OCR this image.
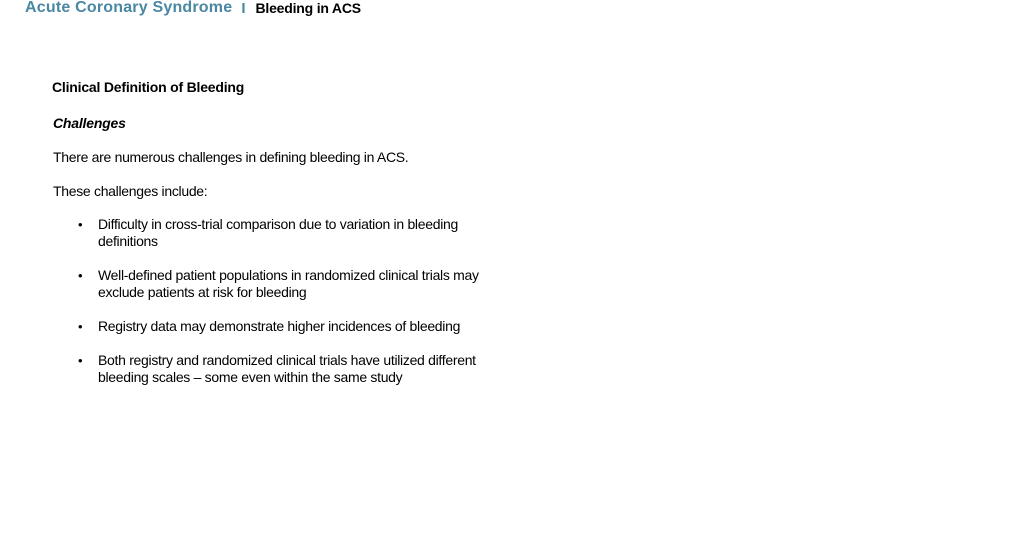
Acute Coronary Syndrome I Bleeding in ACS
Clinical Definition of Bleeding
Challenges

There are numerous challenges in defining bleeding in ACS.

These challenges include:

• Difficulty in cross-trial comparison due to variation in bleeding definitions
• Well-defined patient populations in randomized clinical trials may exclude patients at risk for bleeding
• Registry data may demonstrate higher incidences of bleeding
• Both registry and randomized clinical trials have utilized different bleeding scales – some even within the same study
